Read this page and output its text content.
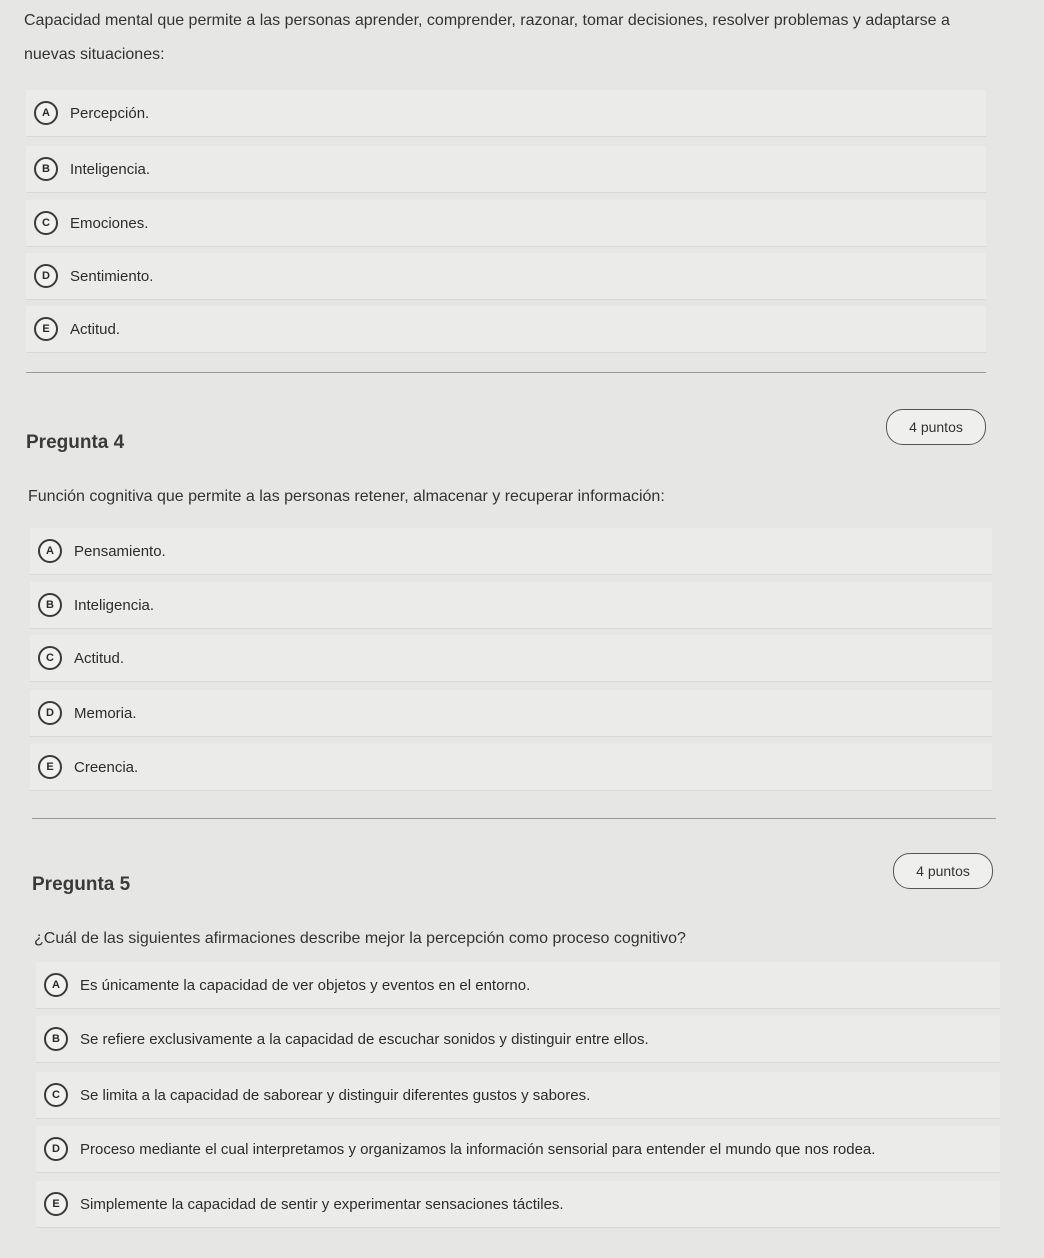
Capacidad mental que permite a las personas aprender, comprender, razonar, tomar decisiones, resolver problemas y adaptarse a
nuevas situaciones:
A	Percepción.
B	Inteligencia.
C	Emociones.
D	Sentimiento.
E	Actitud.
Pregunta 4
4 puntos
Función cognitiva que permite a las personas retener, almacenar y recuperar información:
A	Pensamiento.
B	Inteligencia.
C	Actitud.
D	Memoria.
E	Creencia.
Pregunta 5
4 puntos
¿Cuál de las siguientes afirmaciones describe mejor la percepción como proceso cognitivo?
A	Es únicamente la capacidad de ver objetos y eventos en el entorno.
B	Se refiere exclusivamente a la capacidad de escuchar sonidos y distinguir entre ellos.
C	Se limita a la capacidad de saborear y distinguir diferentes gustos y sabores.
D	Proceso mediante el cual interpretamos y organizamos la información sensorial para entender el mundo que nos rodea.
E	Simplemente la capacidad de sentir y experimentar sensaciones táctiles.
